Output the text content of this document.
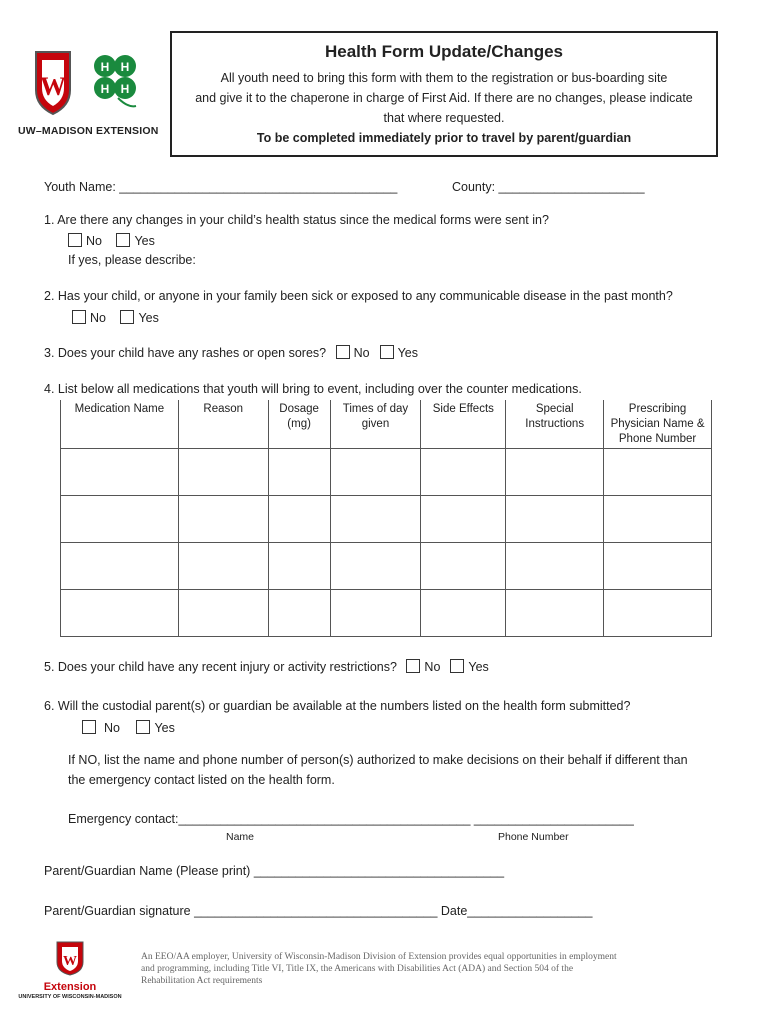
W
H H
H H
UW–MADISON EXTENSION
Health Form Update/Changes
All youth need to bring this form with them to the registration or bus-boarding site
and give it to the chaperone in charge of First Aid. If there are no changes, please indicate
that where requested.
To be completed immediately prior to travel by parent/guardian
Youth Name: ________________________________________	County: _____________________
1. Are there any changes in your child’s health status since the medical forms were sent in?
No	Yes
If yes, please describe:
2. Has your child, or anyone in your family been sick or exposed to any communicable disease in the past month?
No	Yes
3. Does your child have any rashes or open sores? No Yes
4. List below all medications that youth will bring to event, including over the counter medications.
Medication Name	Reason	Dosage (mg)	Times of day given	Side Effects	Special Instructions	Prescribing Physician Name & Phone Number

5. Does your child have any recent injury or activity restrictions? No Yes
6. Will the custodial parent(s) or guardian be available at the numbers listed on the health form submitted?
No	Yes
If NO, list the name and phone number of person(s) authorized to make decisions on their behalf if different than
the emergency contact listed on the health form.
Emergency contact:__________________________________________ _______________________
Name	Phone Number
Parent/Guardian Name (Please print) ____________________________________
Parent/Guardian signature ___________________________________ Date__________________
W
Extension
UNIVERSITY OF WISCONSIN-MADISON
An EEO/AA employer, University of Wisconsin-Madison Division of Extension provides equal opportunities in employment and programming, including Title VI, Title IX, the Americans with Disabilities Act (ADA) and Section 504 of the Rehabilitation Act requirements
